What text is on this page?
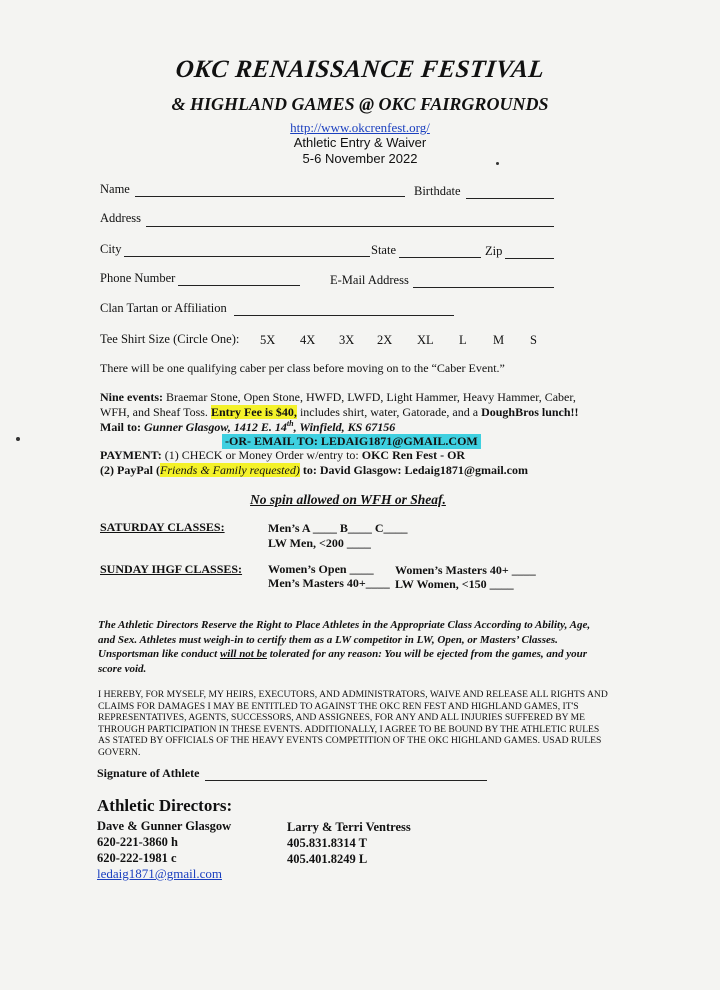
OKC RENAISSANCE FESTIVAL
& HIGHLAND GAMES @ OKC FAIRGROUNDS
http://www.okcrenfest.org/
Athletic Entry & Waiver
5-6 November 2022
Name	Birthdate
Address
City	State	Zip
Phone Number	E-Mail Address
Clan Tartan or Affiliation
Tee Shirt Size (Circle One): 5X 4X 3X 2X XL L M S
There will be one qualifying caber per class before moving on to the “Caber Event.”
Nine events: Braemar Stone, Open Stone, HWFD, LWFD, Light Hammer, Heavy Hammer, Caber,
WFH, and Sheaf Toss. Entry Fee is $40, includes shirt, water, Gatorade, and a DoughBros lunch!!
Mail to: Gunner Glasgow, 1412 E. 14th, Winfield, KS 67156
-OR- EMAIL TO: LEDAIG1871@GMAIL.COM
PAYMENT: (1) CHECK or Money Order w/entry to: OKC Ren Fest - OR
(2) PayPal (Friends & Family requested) to: David Glasgow: Ledaig1871@gmail.com
No spin allowed on WFH or Sheaf.
SATURDAY CLASSES:	Men’s A ____ B____ C____
LW Men, <200 ____
SUNDAY IHGF CLASSES: Women’s Open ____ Women’s Masters 40+ ____
Men’s Masters 40+____ LW Women, <150 ____
The Athletic Directors Reserve the Right to Place Athletes in the Appropriate Class According to Ability, Age, and Sex. Athletes must weigh-in to certify them as a LW competitor in LW, Open, or Masters’ Classes. Unsportsman like conduct will not be tolerated for any reason: You will be ejected from the games, and your score void.
I HEREBY, FOR MYSELF, MY HEIRS, EXECUTORS, AND ADMINISTRATORS, WAIVE AND RELEASE ALL RIGHTS AND CLAIMS FOR DAMAGES I MAY BE ENTITLED TO AGAINST THE OKC REN FEST AND HIGHLAND GAMES, IT'S REPRESENTATIVES, AGENTS, SUCCESSORS, AND ASSIGNEES, FOR ANY AND ALL INJURIES SUFFERED BY ME THROUGH PARTICIPATION IN THESE EVENTS. ADDITIONALLY, I AGREE TO BE BOUND BY THE ATHLETIC RULES AS STATED BY OFFICIALS OF THE HEAVY EVENTS COMPETITION OF THE OKC HIGHLAND GAMES. USAD RULES GOVERN.
Signature of Athlete
Athletic Directors:
Dave & Gunner Glasgow
620-221-3860 h
620-222-1981 c
ledaig1871@gmail.com
Larry & Terri Ventress
405.831.8314 T
405.401.8249 L
